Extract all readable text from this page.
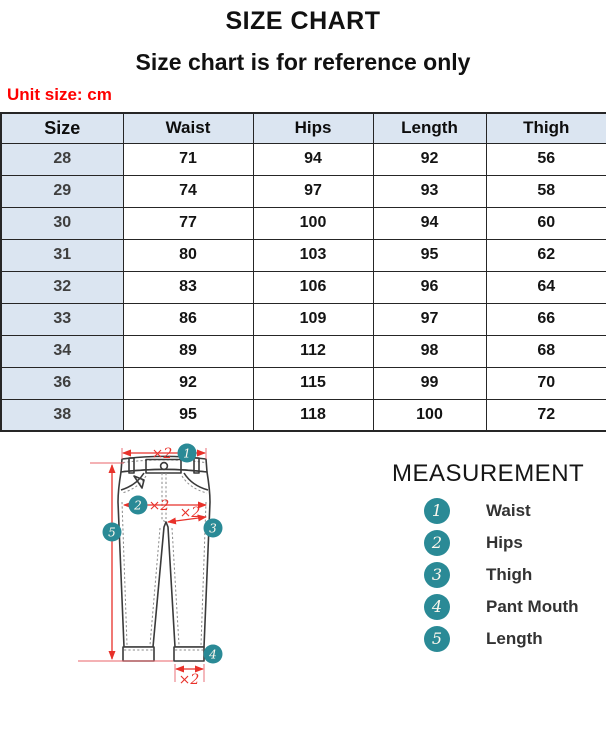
SIZE CHART
Size chart is for reference only
Unit size: cm
Size	Waist	Hips	Length	Thigh
28	71	94	92	56
29	74	97	93	58
30	77	100	94	60
31	80	103	95	62
32	83	106	96	64
33	86	109	97	66
34	89	112	98	68
36	92	115	99	70
38	95	118	100	72
×2 1
5
2 ×2 ×2
3
×2
4
MEASUREMENT
1	Waist
2	Hips
3	Thigh
4	Pant Mouth
5	Length
